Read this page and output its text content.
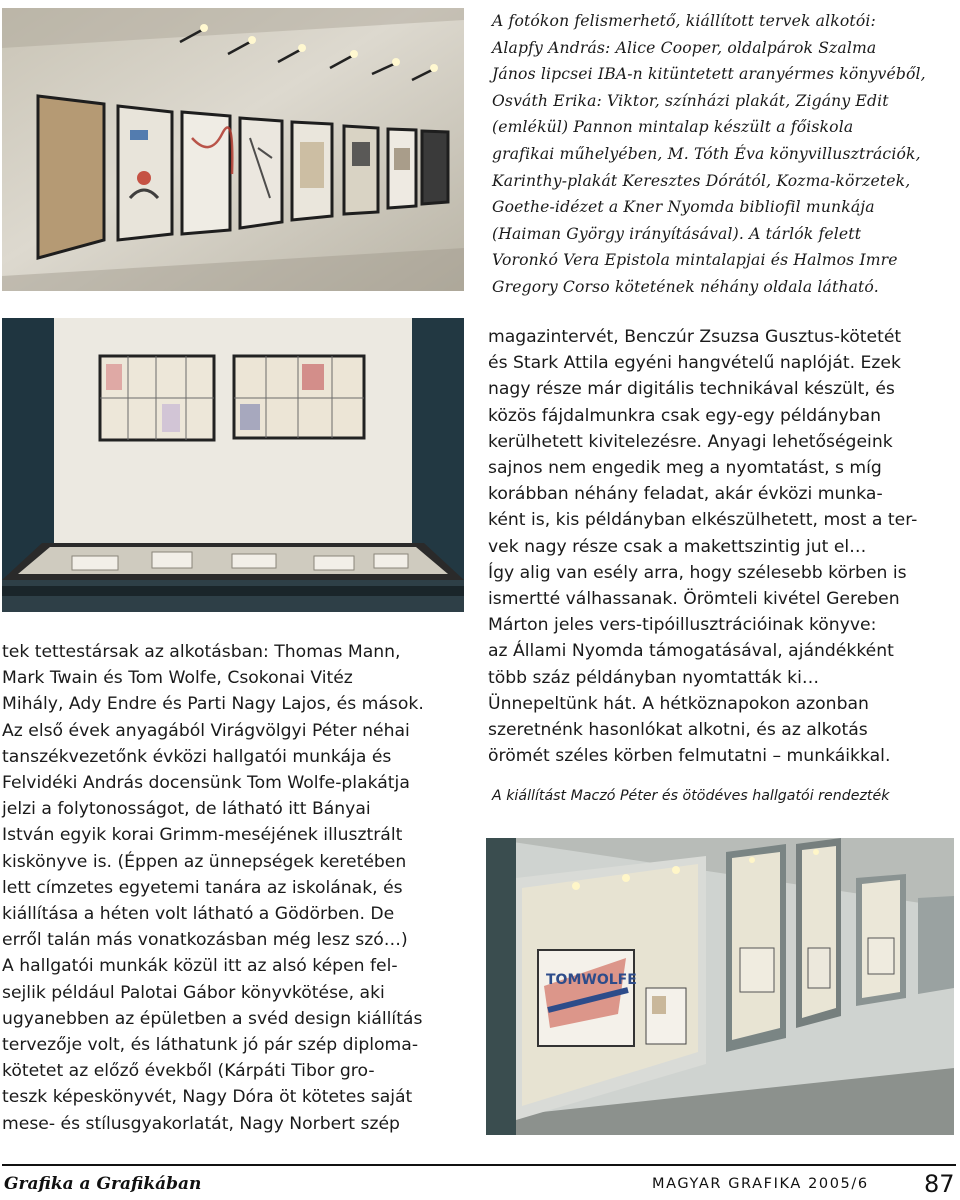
TOMWOLFE

A fotókon felismerhető, kiállított tervek alkotói:
Alapfy András: Alice Cooper, oldalpárok Szalma
János lipcsei IBA-n kitüntetett aranyérmes könyvéből,
Osváth Erika: Viktor, színházi plakát, Zigány Edit
(emlékül) Pannon mintalap készült a főiskola
grafikai műhelyében, M. Tóth Éva könyvillusztrációk,
Karinthy-plakát Keresztes Dórától, Kozma-körzetek,
Goethe-idézet a Kner Nyomda bibliofil munkája
(Haiman György irányításával). A tárlók felett
Voronkó Vera Epistola mintalapjai és Halmos Imre
Gregory Corso kötetének néhány oldala látható.

magazintervét, Benczúr Zsuzsa Gusztus-kötetét
és Stark Attila egyéni hangvételű naplóját. Ezek
nagy része már digitális technikával készült, és
közös fájdalmunkra csak egy-egy példányban
kerülhetett kivitelezésre. Anyagi lehetőségeink
sajnos nem engedik meg a nyomtatást, s míg
korábban néhány feladat, akár évközi munka-
ként is, kis példányban elkészülhetett, most a ter-
vek nagy része csak a makettszintig jut el…
Így alig van esély arra, hogy szélesebb körben is
ismertté válhassanak. Örömteli kivétel Gereben
Márton jeles vers-tipóillusztrációinak könyve:
az Állami Nyomda támogatásával, ajándékként
több száz példányban nyomtatták ki…
Ünnepeltünk hát. A hétköznapokon azonban
szeretnénk hasonlókat alkotni, és az alkotás
örömét széles körben felmutatni – munkáikkal.

A kiállítást Maczó Péter és ötödéves hallgatói rendezték

tek tettestársak az alkotásban: Thomas Mann,
Mark Twain és Tom Wolfe, Csokonai Vitéz
Mihály, Ady Endre és Parti Nagy Lajos, és mások.
Az első évek anyagából Virágvölgyi Péter néhai
tanszékvezetőnk évközi hallgatói munkája és
Felvidéki András docensünk Tom Wolfe-plakátja
jelzi a folytonosságot, de látható itt Bányai
István egyik korai Grimm-meséjének illusztrált
kiskönyve is. (Éppen az ünnepségek keretében
lett címzetes egyetemi tanára az iskolának, és
kiállítása a héten volt látható a Gödörben. De
erről talán más vonatkozásban még lesz szó…)
A hallgatói munkák közül itt az alsó képen fel-
sejlik például Palotai Gábor könyvkötése, aki
ugyanebben az épületben a svéd design kiállítás
tervezője volt, és láthatunk jó pár szép diploma-
kötetet az előző évekből (Kárpáti Tibor gro-
teszk képeskönyvét, Nagy Dóra öt kötetes saját
mese- és stílusgyakorlatát, Nagy Norbert szép

Grafika a Grafikában	MAGYAR GRAFIKA 2005/6 87
